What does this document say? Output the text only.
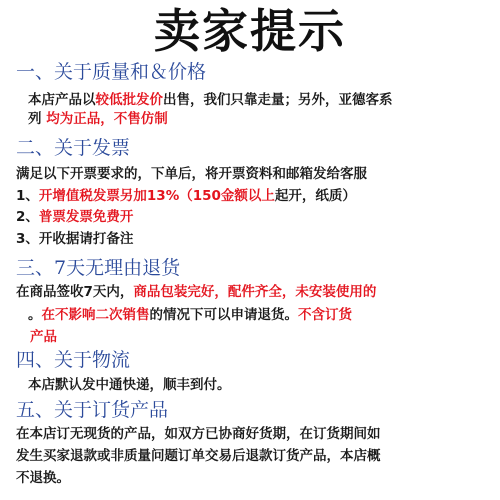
卖家提示
一、关于质量和＆价格
本店产品以较低批发价出售，我们只靠走量；另外，亚德客系
列 均为正品，不售仿制
二、关于发票
满足以下开票要求的，下单后，将开票资料和邮箱发给客服
1、开增值税发票另加13%（150金额以上起开，纸质）
2、普票发票免费开
3、开收据请打备注
三、7天无理由退货
在商品签收7天内，商品包装完好，配件齐全，未安装使用的
。在不影响二次销售的情况下可以申请退货。不含订货
产品
四、关于物流
本店默认发中通快递，顺丰到付。
五、关于订货产品
在本店订无现货的产品，如双方已协商好货期，在订货期间如
发生买家退款或非质量问题订单交易后退款订货产品，本店概
不退换。
